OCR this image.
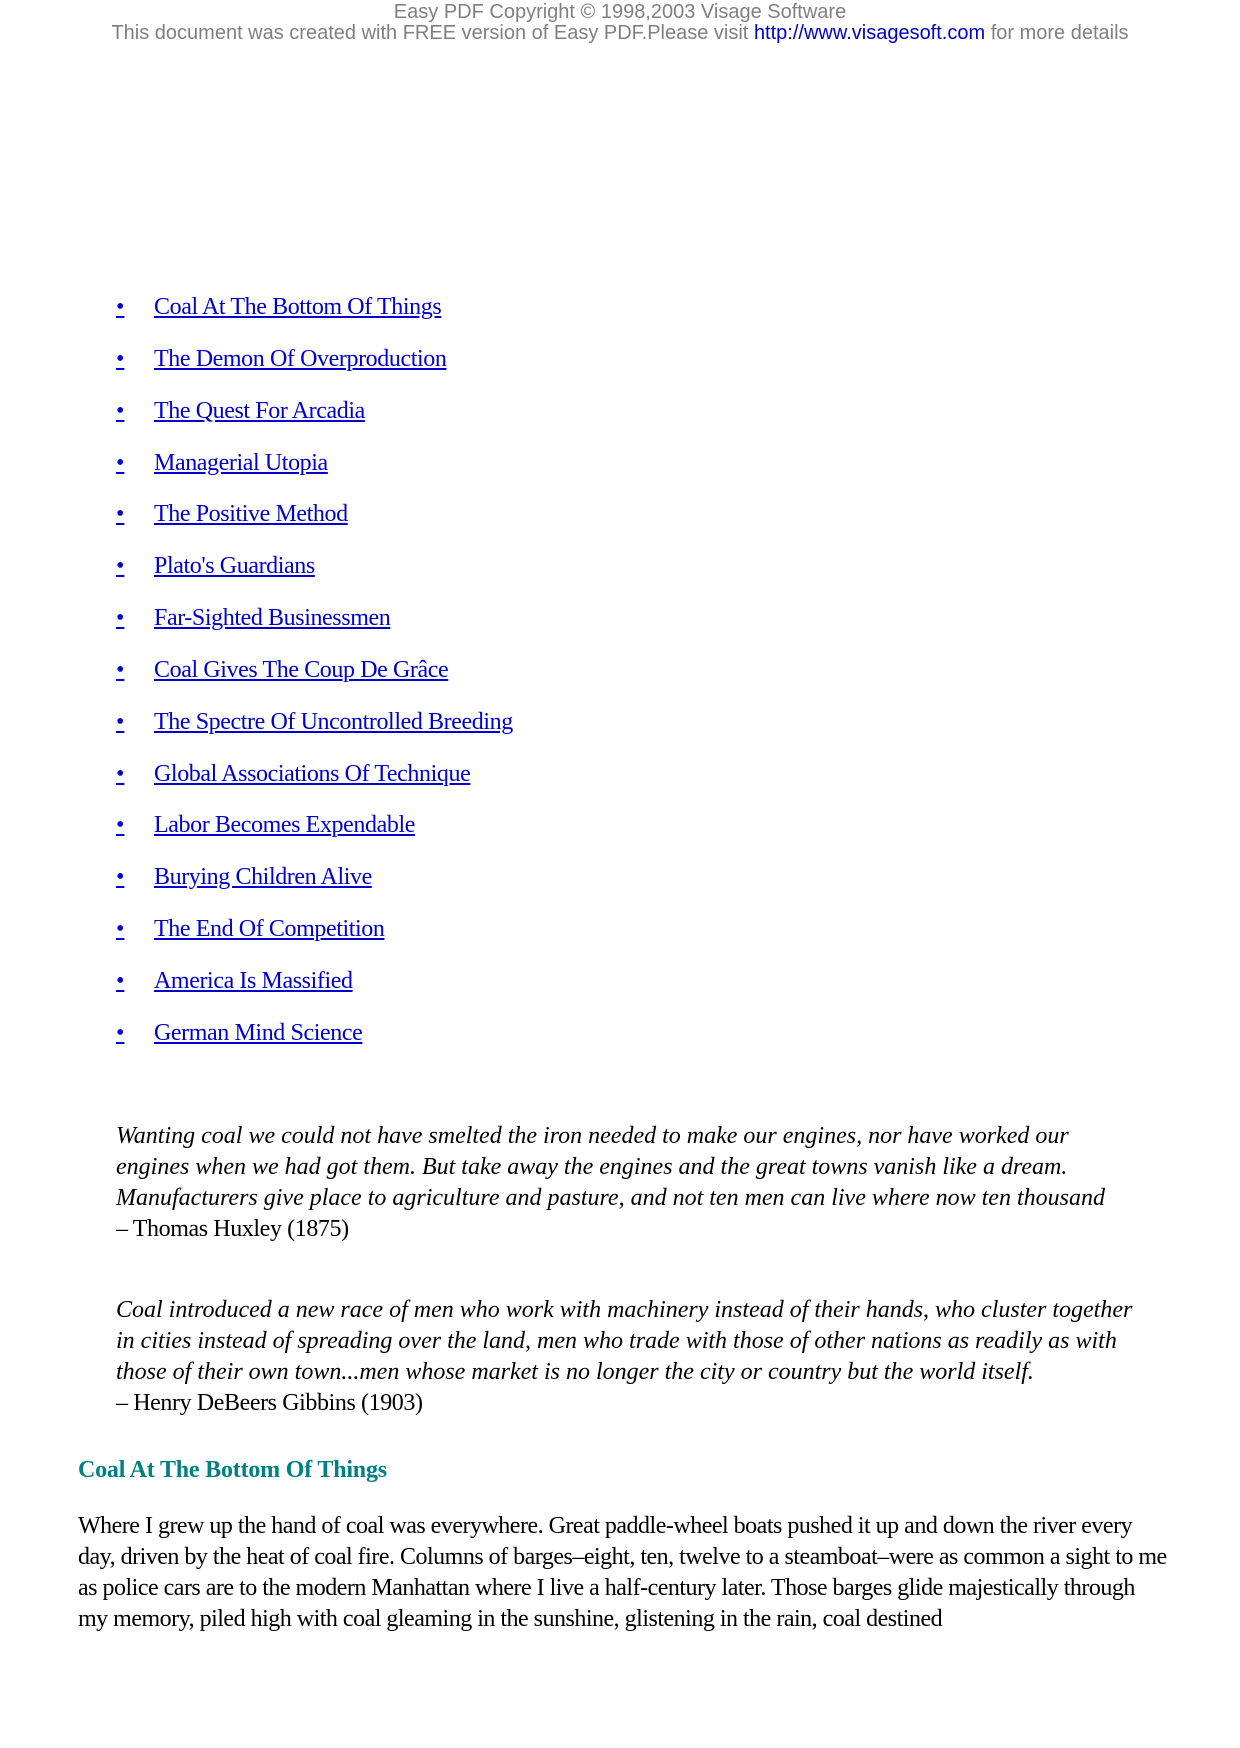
Easy PDF Copyright © 1998,2003 Visage Software
This document was created with FREE version of Easy PDF.Please visit http://www.visagesoft.com for more details
•	Coal At The Bottom Of Things
•	The Demon Of Overproduction
•	The Quest For Arcadia
•	Managerial Utopia
•	The Positive Method
•	Plato's Guardians
•	Far-Sighted Businessmen
•	Coal Gives The Coup De Grâce
•	The Spectre Of Uncontrolled Breeding
•	Global Associations Of Technique
•	Labor Becomes Expendable
•	Burying Children Alive
•	The End Of Competition
•	America Is Massified
•	German Mind Science

Wanting coal we could not have smelted the iron needed to make our engines, nor have worked our engines when we had got them. But take away the engines and the great towns vanish like a dream. Manufacturers give place to agriculture and pasture, and not ten men can live where now ten thousand

– Thomas Huxley (1875)

Coal introduced a new race of men who work with machinery instead of their hands, who cluster together in cities instead of spreading over the land, men who trade with those of other nations as readily as with those of their own town...men whose market is no longer the city or country but the world itself.

– Henry DeBeers Gibbins (1903)

Coal At The Bottom Of Things

Where I grew up the hand of coal was everywhere. Great paddle-wheel boats pushed it up and down the river every day, driven by the heat of coal fire. Columns of barges–eight, ten, twelve to a steamboat–were as common a sight to me as police cars are to the modern Manhattan where I live a half-century later. Those barges glide majestically through my memory, piled high with coal gleaming in the sunshine, glistening in the rain, coal destined
